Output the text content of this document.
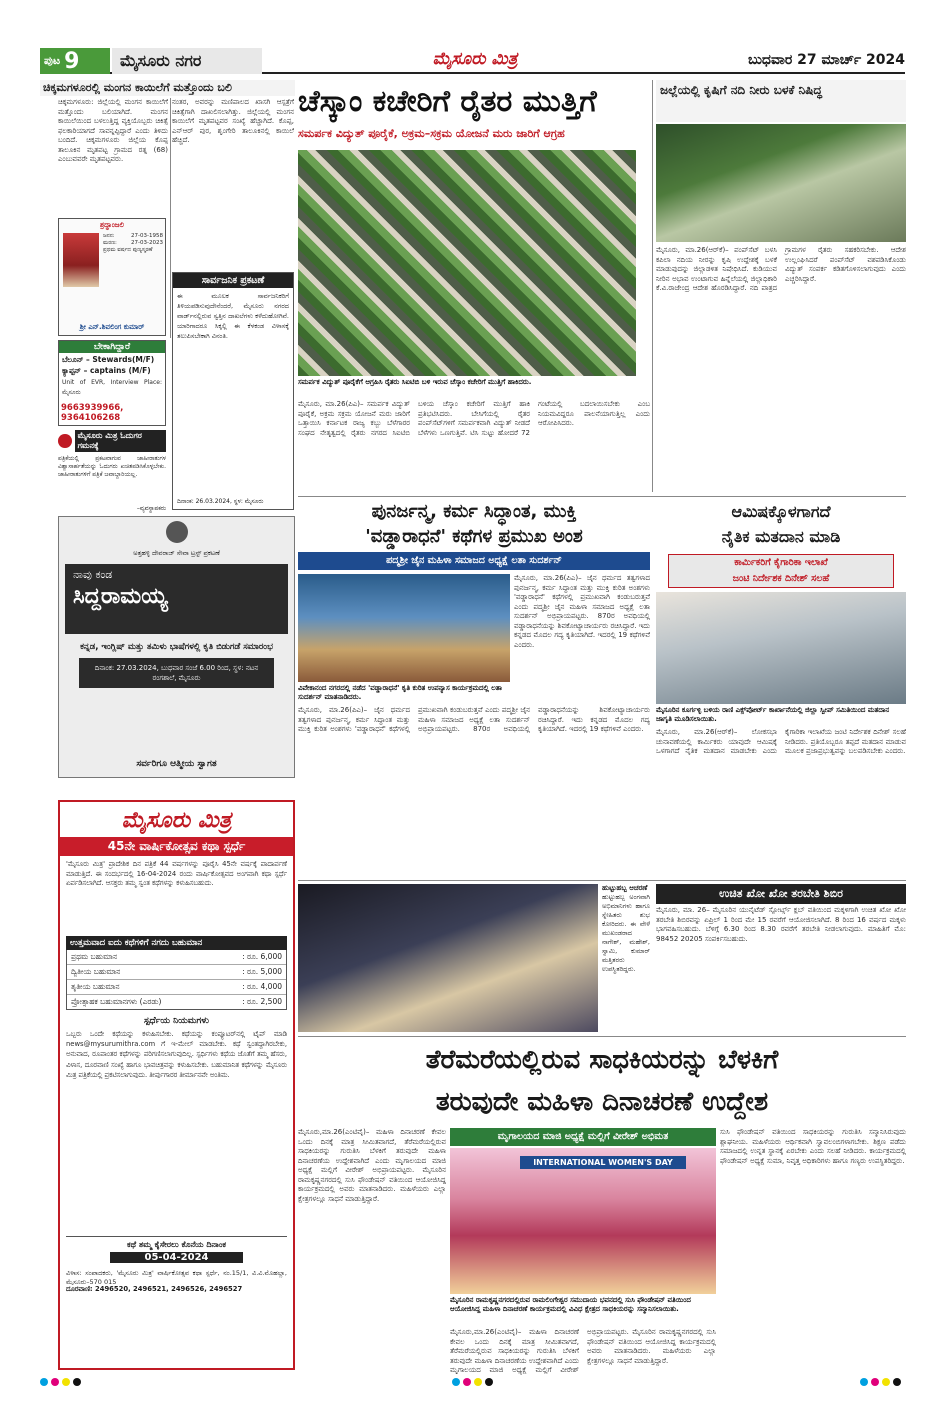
ಪುಟ 9	ಮೈಸೂರು ನಗರ	ಮೈಸೂರು ಮಿತ್ರ	ಬುಧವಾರ 27 ಮಾರ್ಚ್ 2024
ಚಿಕ್ಕಮಗಳೂರಲ್ಲಿ ಮಂಗನ ಕಾಯಿಲೆಗೆ ಮತ್ತೊಂದು ಬಲಿ
ಚಿಕ್ಕಮಗಳೂರು: ಜಿಲ್ಲೆಯಲ್ಲಿ ಮಂಗನ ಕಾಯಿಲೆಗೆ ಮತ್ತೊಂದು ಬಲಿಯಾಗಿದೆ. ಮಂಗನ ಕಾಯಿಲೆಯಿಂದ ಬಳಲುತ್ತಿದ್ದ ವ್ಯಕ್ತಿಯೊಬ್ಬರು ಚಿಕಿತ್ಸೆ ಫಲಕಾರಿಯಾಗದೆ ಸಾವನ್ನಪ್ಪಿದ್ದಾರೆ ಎಂದು ತಿಳಿದು ಬಂದಿದೆ. ಚಿಕ್ಕಮಗಳೂರು ಜಿಲ್ಲೆಯ ಕೊಪ್ಪ ತಾಲೂಕಿನ ಮೃತಪಟ್ಟ ಗ್ರಾಮದ ರತ್ನ (68) ಎಂಬುವವರೇ ಮೃತಪಟ್ಟವರು.
ನಂತರ, ಅವರನ್ನು ಮಣಿಪಾಲದ ಖಾಸಗಿ ಆಸ್ಪತ್ರೆಗೆ ಚಿಕಿತ್ಸೆಗಾಗಿ ದಾಖಲಿಸಲಾಗಿತ್ತು. ಜಿಲ್ಲೆಯಲ್ಲಿ ಮಂಗನ ಕಾಯಿಲೆಗೆ ಮೃತಪಟ್ಟವರ ಸಂಖ್ಯೆ ಹೆಚ್ಚಾಗಿದೆ. ಕೊಪ್ಪ, ಎನ್‌ಆರ್ ಪುರ, ಶೃಂಗೇರಿ ತಾಲೂಕಿನಲ್ಲಿ ಕಾಯಿಲೆ ಹೆಚ್ಚಿದೆ.
ಶ್ರದ್ಧಾಂಜಲಿ
ಜನನ: 27-03-1958 ಮರಣ: 27-03-2023 ಪ್ರಥಮ ವರ್ಷದ ಪುಣ್ಯಸ್ಮರಣೆ
ಶ್ರೀ ಎನ್.ಶಿವಲಿಂಗ ಕುಮಾರ್
ಬೇಕಾಗಿದ್ದಾರೆ
ಬೆಲೂನ್ – Stewards(M/F)
ಕ್ಯಾಪ್ಟನ್ – captains (M/F)
Unit of EVR, Interview Place: ಮೈಸೂರು
9663939966, 9364106268
ಮೈಸೂರು ಮಿತ್ರ ಓದುಗರ ಗಮನಕ್ಕೆ
ಪತ್ರಿಕೆಯಲ್ಲಿ ಪ್ರಕಟವಾಗುವ ಜಾಹೀರಾತುಗಳ ವಿಶ್ವಾಸಾರ್ಹತೆಯನ್ನು ಓದುಗರು ಖಚಿತಪಡಿಸಿಕೊಳ್ಳಬೇಕು. ಜಾಹೀರಾತುಗಳಿಗೆ ಪತ್ರಿಕೆ ಜವಾಬ್ದಾರಿಯಲ್ಲ.
–ವ್ಯವಸ್ಥಾಪಕರು
ಸಾರ್ವಜನಿಕ ಪ್ರಕಟಣೆ
ಈ ಮೂಲಕ ಸಾರ್ವಜನಿಕರಿಗೆ ತಿಳಿಯಪಡಿಸುವುದೇನೆಂದರೆ, ಮೈಸೂರು ನಗರದ ವಾರ್ಡ್‌ನಲ್ಲಿರುವ ಸ್ವತ್ತಿನ ದಾಖಲೆಗಳು ಕಳೆದುಹೋಗಿವೆ. ಯಾರಿಗಾದರೂ ಸಿಕ್ಕಲ್ಲಿ ಈ ಕೆಳಕಂಡ ವಿಳಾಸಕ್ಕೆ ತಲುಪಿಸಬೇಕಾಗಿ ವಿನಂತಿ.
ದಿನಾಂಕ: 26.03.2024, ಸ್ಥಳ: ಮೈಸೂರು
ಅತ್ತಹಳ್ಳಿ ದೇವರಾಜ್ ಸೇವಾ ಟ್ರಸ್ಟ್ ಪ್ರಕಟಣೆ
ನಾವು ಕಂಡ
ಸಿದ್ದರಾಮಯ್ಯ
ಕನ್ನಡ, ಇಂಗ್ಲಿಷ್ ಮತ್ತು ತಮಿಳು ಭಾಷೆಗಳಲ್ಲಿ ಕೃತಿ ಬಿಡುಗಡೆ ಸಮಾರಂಭ
ದಿನಾಂಕ: 27.03.2024, ಬುಧವಾರ ಸಂಜೆ 6.00 ರಿಂದ, ಸ್ಥಳ: ನಟನ ರಂಗಶಾಲೆ, ಮೈಸೂರು
ಸರ್ವರಿಗೂ ಆತ್ಮೀಯ ಸ್ವಾಗತ
ಮೈಸೂರು ಮಿತ್ರ
45ನೇ ವಾರ್ಷಿಕೋತ್ಸವ ಕಥಾ ಸ್ಪರ್ಧೆ
'ಮೈಸೂರು ಮಿತ್ರ' ಪ್ರಾದೇಶಿಕ ದಿನ ಪತ್ರಿಕೆ 44 ವರ್ಷಗಳನ್ನು ಪೂರೈಸಿ 45ನೇ ವರ್ಷಕ್ಕೆ ಪಾದಾರ್ಪಣೆ ಮಾಡುತ್ತಿದೆ. ಈ ಸಂದರ್ಭದಲ್ಲಿ 16-04-2024 ರಂದು ವಾರ್ಷಿಕೋತ್ಸವದ ಅಂಗವಾಗಿ ಕಥಾ ಸ್ಪರ್ಧೆ ಏರ್ಪಡಿಸಲಾಗಿದೆ. ಆಸಕ್ತರು ತಮ್ಮ ಸ್ವಂತ ಕಥೆಗಳನ್ನು ಕಳುಹಿಸಬಹುದು.
ಉತ್ತಮವಾದ ಐದು ಕಥೆಗಳಿಗೆ ನಗದು ಬಹುಮಾನ
ಪ್ರಥಮ ಬಹುಮಾನ	: ರೂ. 6,000
ದ್ವಿತೀಯ ಬಹುಮಾನ	: ರೂ. 5,000
ತೃತೀಯ ಬಹುಮಾನ	: ರೂ. 4,000
ಪ್ರೋತ್ಸಾಹಕ ಬಹುಮಾನಗಳು (ಎರಡು)	: ರೂ. 2,500
ಸ್ಪರ್ಧೆಯ ನಿಯಮಗಳು
ಒಬ್ಬರು ಒಂದೇ ಕಥೆಯನ್ನು ಕಳುಹಿಸಬೇಕು. ಕಥೆಯನ್ನು ಕಂಪ್ಯೂಟರ್‌ನಲ್ಲಿ ಟೈಪ್ ಮಾಡಿ news@mysurumithra.com ಗೆ ಇ-ಮೇಲ್ ಮಾಡಬೇಕು. ಕಥೆ ಸ್ವಂತದ್ದಾಗಿರಬೇಕು, ಅನುವಾದ, ರೂಪಾಂತರ ಕಥೆಗಳನ್ನು ಪರಿಗಣಿಸಲಾಗುವುದಿಲ್ಲ. ಸ್ಪರ್ಧಿಗಳು ಕಥೆಯ ಜೊತೆಗೆ ತಮ್ಮ ಹೆಸರು, ವಿಳಾಸ, ದೂರವಾಣಿ ಸಂಖ್ಯೆ ಹಾಗೂ ಭಾವಚಿತ್ರವನ್ನು ಕಳುಹಿಸಬೇಕು. ಬಹುಮಾನಿತ ಕಥೆಗಳನ್ನು ಮೈಸೂರು ಮಿತ್ರ ಪತ್ರಿಕೆಯಲ್ಲಿ ಪ್ರಕಟಿಸಲಾಗುವುದು. ತೀರ್ಪುಗಾರರ ತೀರ್ಮಾನವೇ ಅಂತಿಮ.
ಕಥೆ ತಮ್ಮ ಕೈಸೇರಲು ಕೊನೆಯ ದಿನಾಂಕ
05-04-2024
ವಿಳಾಸ: ಸಂಪಾದಕರು, 'ಮೈಸೂರು ಮಿತ್ರ' ವಾರ್ಷಿಕೋತ್ಸವ ಕಥಾ ಸ್ಪರ್ಧೆ, ನಂ.15/1, ವಿ.ವಿ.ಮೊಹಲ್ಲಾ, ಮೈಸೂರು–570 015
ದೂರವಾಣಿ: 2496520, 2496521, 2496526, 2496527
ಚೆಸ್ಕಾಂ ಕಚೇರಿಗೆ ರೈತರ ಮುತ್ತಿಗೆ
ಸಮರ್ಪಕ ವಿದ್ಯುತ್ ಪೂರೈಕೆ, ಅಕ್ರಮ–ಸಕ್ರಮ ಯೋಜನೆ ಮರು ಜಾರಿಗೆ ಆಗ್ರಹ
ಸಮರ್ಪಕ ವಿದ್ಯುತ್ ಪೂರೈಕೆಗೆ ಆಗ್ರಹಿಸಿ ರೈತರು ಸಿಐಟಿಬಿ ಬಳಿ ಇರುವ ಚೆಸ್ಕಾಂ ಕಚೇರಿಗೆ ಮುತ್ತಿಗೆ ಹಾಕಿದರು.
ಮೈಸೂರು, ಮಾ.26(ಪಿಎ)– ಸಮರ್ಪಕ ವಿದ್ಯುತ್ ಪೂರೈಕೆ, ಅಕ್ರಮ ಸಕ್ರಮ ಯೋಜನೆ ಮರು ಜಾರಿಗೆ ಒತ್ತಾಯಿಸಿ ಕರ್ನಾಟಕ ರಾಜ್ಯ ಕಬ್ಬು ಬೆಳೆಗಾರರ ಸಂಘದ ನೇತೃತ್ವದಲ್ಲಿ ರೈತರು ನಗರದ ಸಿಐಟಿಬಿ ಬಳಿಯ ಚೆಸ್ಕಾಂ ಕಚೇರಿಗೆ ಮುತ್ತಿಗೆ ಹಾಕಿ ಪ್ರತಿಭಟಿಸಿದರು. ಬೇಸಿಗೆಯಲ್ಲಿ ರೈತರ ಪಂಪ್‌ಸೆಟ್‌ಗಳಿಗೆ ಸಮರ್ಪಕವಾಗಿ ವಿದ್ಯುತ್ ನೀಡದೆ ಬೆಳೆಗಳು ಒಣಗುತ್ತಿವೆ. ಟಿಸಿ ಸುಟ್ಟು ಹೋದರೆ 72 ಗಂಟೆಯಲ್ಲಿ ಬದಲಾಯಿಸಬೇಕು ಎಂಬ ನಿಯಮವಿದ್ದರೂ ಪಾಲನೆಯಾಗುತ್ತಿಲ್ಲ ಎಂದು ಆರೋಪಿಸಿದರು.
ಜಲ್ಲೆಯಲ್ಲಿ ಕೃಷಿಗೆ ನದಿ ನೀರು ಬಳಕೆ ನಿಷಿದ್ಧ
ಮೈಸೂರು, ಮಾ.26(ಆರ್‌ಕೆ)– ಪಂಪ್‌ಸೆಟ್ ಬಳಸಿ ಕಪಿಲಾ ನದಿಯ ನೀರನ್ನು ಕೃಷಿ ಉದ್ದೇಶಕ್ಕೆ ಬಳಕೆ ಮಾಡುವುದನ್ನು ಜಿಲ್ಲಾಡಳಿತ ನಿಷೇಧಿಸಿದೆ. ಕುಡಿಯುವ ನೀರಿನ ಅಭಾವ ಉಂಟಾಗುವ ಹಿನ್ನೆಲೆಯಲ್ಲಿ ಜಿಲ್ಲಾಧಿಕಾರಿ ಕೆ.ವಿ.ರಾಜೇಂದ್ರ ಆದೇಶ ಹೊರಡಿಸಿದ್ದಾರೆ. ನದಿ ಪಾತ್ರದ ಗ್ರಾಮಗಳ ರೈತರು ಸಹಕರಿಸಬೇಕು. ಆದೇಶ ಉಲ್ಲಂಘಿಸಿದರೆ ಪಂಪ್‌ಸೆಟ್ ವಶಪಡಿಸಿಕೊಂಡು ವಿದ್ಯುತ್ ಸಂಪರ್ಕ ಕಡಿತಗೊಳಿಸಲಾಗುವುದು ಎಂದು ಎಚ್ಚರಿಸಿದ್ದಾರೆ.
ಪುನರ್ಜನ್ಮ, ಕರ್ಮ ಸಿದ್ಧಾಂತ, ಮುಕ್ತಿ
'ವಡ್ಡಾರಾಧನೆ' ಕಥೆಗಳ ಪ್ರಮುಖ ಅಂಶ
ಪದ್ಮಶ್ರೀ ಜೈನ ಮಹಿಳಾ ಸಮಾಜದ ಅಧ್ಯಕ್ಷೆ ಲತಾ ಸುದರ್ಶನ್
ವಿವೇಕಾನಂದ ನಗರದಲ್ಲಿ ನಡೆದ 'ವಡ್ಡಾರಾಧನೆ' ಕೃತಿ ಕುರಿತ ಉಪನ್ಯಾಸ ಕಾರ್ಯಕ್ರಮದಲ್ಲಿ ಲತಾ ಸುದರ್ಶನ್ ಮಾತನಾಡಿದರು.
ಮೈಸೂರು, ಮಾ.26(ಪಿಎ)– ಜೈನ ಧರ್ಮದ ತತ್ವಗಳಾದ ಪುನರ್ಜನ್ಮ, ಕರ್ಮ ಸಿದ್ಧಾಂತ ಮತ್ತು ಮುಕ್ತಿ ಕುರಿತ ಅಂಶಗಳು 'ವಡ್ಡಾರಾಧನೆ' ಕಥೆಗಳಲ್ಲಿ ಪ್ರಮುಖವಾಗಿ ಕಂಡುಬರುತ್ತವೆ ಎಂದು ಪದ್ಮಶ್ರೀ ಜೈನ ಮಹಿಳಾ ಸಮಾಜದ ಅಧ್ಯಕ್ಷೆ ಲತಾ ಸುದರ್ಶನ್ ಅಭಿಪ್ರಾಯಪಟ್ಟರು. 870ರ ಅವಧಿಯಲ್ಲಿ ವಡ್ಡಾರಾಧನೆಯನ್ನು ಶಿವಕೋಟ್ಯಾಚಾರ್ಯರು ರಚಿಸಿದ್ದಾರೆ. ಇದು ಕನ್ನಡದ ಮೊದಲ ಗದ್ಯ ಕೃತಿಯಾಗಿದೆ. ಇದರಲ್ಲಿ 19 ಕಥೆಗಳಿವೆ ಎಂದರು.
ಮೈಸೂರು, ಮಾ.26(ಪಿಎ)– ಜೈನ ಧರ್ಮದ ತತ್ವಗಳಾದ ಪುನರ್ಜನ್ಮ, ಕರ್ಮ ಸಿದ್ಧಾಂತ ಮತ್ತು ಮುಕ್ತಿ ಕುರಿತ ಅಂಶಗಳು 'ವಡ್ಡಾರಾಧನೆ' ಕಥೆಗಳಲ್ಲಿ ಪ್ರಮುಖವಾಗಿ ಕಂಡುಬರುತ್ತವೆ ಎಂದು ಪದ್ಮಶ್ರೀ ಜೈನ ಮಹಿಳಾ ಸಮಾಜದ ಅಧ್ಯಕ್ಷೆ ಲತಾ ಸುದರ್ಶನ್ ಅಭಿಪ್ರಾಯಪಟ್ಟರು. 870ರ ಅವಧಿಯಲ್ಲಿ ವಡ್ಡಾರಾಧನೆಯನ್ನು ಶಿವಕೋಟ್ಯಾಚಾರ್ಯರು ರಚಿಸಿದ್ದಾರೆ. ಇದು ಕನ್ನಡದ ಮೊದಲ ಗದ್ಯ ಕೃತಿಯಾಗಿದೆ. ಇದರಲ್ಲಿ 19 ಕಥೆಗಳಿವೆ ಎಂದರು.
ಆಮಿಷಕ್ಕೊಳಗಾಗದೆ
ನೈತಿಕ ಮತದಾನ ಮಾಡಿ
ಕಾರ್ಮಿಕರಿಗೆ ಕೈಗಾರಿಕಾ ಇಲಾಖೆ
ಜಂಟಿ ನಿರ್ದೇಶಕ ದಿನೇಶ್ ಸಲಹೆ
ಮೈಸೂರಿನ ಕೂರ್ಗಳ್ಳಿ ಬಳಿಯ ರಾಣಿ ಎಕ್ಸ್‌ಪೋರ್ಟ್ ಕಾರ್ಖಾನೆಯಲ್ಲಿ ಜಿಲ್ಲಾ ಸ್ವೀಪ್ ಸಮಿತಿಯಿಂದ ಮತದಾನ ಜಾಗೃತಿ ಮೂಡಿಸಲಾಯಿತು.
ಮೈಸೂರು, ಮಾ.26(ಆರ್‌ಕೆ)– ಲೋಕಸಭಾ ಚುನಾವಣೆಯಲ್ಲಿ ಕಾರ್ಮಿಕರು ಯಾವುದೇ ಆಮಿಷಕ್ಕೆ ಒಳಗಾಗದೆ ನೈತಿಕ ಮತದಾನ ಮಾಡಬೇಕು ಎಂದು ಕೈಗಾರಿಕಾ ಇಲಾಖೆಯ ಜಂಟಿ ನಿರ್ದೇಶಕ ದಿನೇಶ್ ಸಲಹೆ ನೀಡಿದರು. ಪ್ರತಿಯೊಬ್ಬರೂ ತಪ್ಪದೆ ಮತದಾನ ಮಾಡುವ ಮೂಲಕ ಪ್ರಜಾಪ್ರಭುತ್ವವನ್ನು ಬಲಪಡಿಸಬೇಕು ಎಂದರು.
ಹುಟ್ಟುಹಬ್ಬ ಆಚರಣೆ
ಹುಟ್ಟುಹಬ್ಬ ಅಂಗವಾಗಿ ಅಭಿಮಾನಿಗಳು ಹಾಗೂ ಸ್ನೇಹಿತರು ಶುಭ ಕೋರಿದರು. ಈ ವೇಳೆ ಮುಖಂಡರಾದ ನಾಗೇಶ್, ಮಹೇಶ್, ಸ್ವಾಮಿ, ಕುಮಾರ್ ಮತ್ತಿತರರು ಉಪಸ್ಥಿತರಿದ್ದರು.
ಉಚಿತ ಖೋ ಖೋ ತರಬೇತಿ ಶಿಬಿರ
ಮೈಸೂರು, ಮಾ. 26– ಮೈಸೂರಿನ ಯುನೈಟೆಡ್ ಸ್ಪೋರ್ಟ್ಸ್ ಕ್ಲಬ್ ವತಿಯಿಂದ ಮಕ್ಕಳಿಗಾಗಿ ಉಚಿತ ಖೋ ಖೋ ತರಬೇತಿ ಶಿಬಿರವನ್ನು ಏಪ್ರಿಲ್ 1 ರಿಂದ ಮೇ 15 ರವರೆಗೆ ಆಯೋಜಿಸಲಾಗಿದೆ. 8 ರಿಂದ 16 ವರ್ಷದ ಮಕ್ಕಳು ಭಾಗವಹಿಸಬಹುದು. ಬೆಳಿಗ್ಗೆ 6.30 ರಿಂದ 8.30 ರವರೆಗೆ ತರಬೇತಿ ನೀಡಲಾಗುವುದು. ಮಾಹಿತಿಗೆ ಮೊ: 98452 20205 ಸಂಪರ್ಕಿಸಬಹುದು.
ತೆರೆಮರೆಯಲ್ಲಿರುವ ಸಾಧಕಿಯರನ್ನು ಬೆಳಕಿಗೆ
ತರುವುದೇ ಮಹಿಳಾ ದಿನಾಚರಣೆ ಉದ್ದೇಶ
ಮೈಸೂರು,ಮಾ.26(ಎಂಟಿವೈ)– ಮಹಿಳಾ ದಿನಾಚರಣೆ ಕೇವಲ ಒಂದು ದಿನಕ್ಕೆ ಮಾತ್ರ ಸೀಮಿತವಾಗದೆ, ತೆರೆಮರೆಯಲ್ಲಿರುವ ಸಾಧಕಿಯರನ್ನು ಗುರುತಿಸಿ ಬೆಳಕಿಗೆ ತರುವುದೇ ಮಹಿಳಾ ದಿನಾಚರಣೆಯ ಉದ್ದೇಶವಾಗಿದೆ ಎಂದು ಮೃಗಾಲಯದ ಮಾಜಿ ಅಧ್ಯಕ್ಷೆ ಮಲ್ಲಿಗೆ ವೀರೇಶ್ ಅಭಿಪ್ರಾಯಪಟ್ಟರು. ಮೈಸೂರಿನ ರಾಮಕೃಷ್ಣನಗರದಲ್ಲಿ ಸುಸಿ ಫೌಂಡೇಷನ್ ವತಿಯಿಂದ ಆಯೋಜಿಸಿದ್ದ ಕಾರ್ಯಕ್ರಮದಲ್ಲಿ ಅವರು ಮಾತನಾಡಿದರು. ಮಹಿಳೆಯರು ಎಲ್ಲಾ ಕ್ಷೇತ್ರಗಳಲ್ಲೂ ಸಾಧನೆ ಮಾಡುತ್ತಿದ್ದಾರೆ.
ಮೃಗಾಲಯದ ಮಾಜಿ ಅಧ್ಯಕ್ಷೆ ಮಲ್ಲಿಗೆ ವೀರೇಶ್ ಅಭಿಮತ
INTERNATIONAL WOMEN'S DAY
ಮೈಸೂರಿನ ರಾಮಕೃಷ್ಣನಗರದಲ್ಲಿರುವ ರಾಮಲಿಂಗೇಶ್ವರ ಸಮುದಾಯ ಭವನದಲ್ಲಿ ಸುಸಿ ಫೌಂಡೇಷನ್ ವತಿಯಿಂದ ಆಯೋಜಿಸಿದ್ದ ಮಹಿಳಾ ದಿನಾಚರಣೆ ಕಾರ್ಯಕ್ರಮದಲ್ಲಿ ವಿವಿಧ ಕ್ಷೇತ್ರದ ಸಾಧಕಿಯರನ್ನು ಸನ್ಮಾನಿಸಲಾಯಿತು.
ಮೈಸೂರು,ಮಾ.26(ಎಂಟಿವೈ)– ಮಹಿಳಾ ದಿನಾಚರಣೆ ಕೇವಲ ಒಂದು ದಿನಕ್ಕೆ ಮಾತ್ರ ಸೀಮಿತವಾಗದೆ, ತೆರೆಮರೆಯಲ್ಲಿರುವ ಸಾಧಕಿಯರನ್ನು ಗುರುತಿಸಿ ಬೆಳಕಿಗೆ ತರುವುದೇ ಮಹಿಳಾ ದಿನಾಚರಣೆಯ ಉದ್ದೇಶವಾಗಿದೆ ಎಂದು ಮೃಗಾಲಯದ ಮಾಜಿ ಅಧ್ಯಕ್ಷೆ ಮಲ್ಲಿಗೆ ವೀರೇಶ್ ಅಭಿಪ್ರಾಯಪಟ್ಟರು. ಮೈಸೂರಿನ ರಾಮಕೃಷ್ಣನಗರದಲ್ಲಿ ಸುಸಿ ಫೌಂಡೇಷನ್ ವತಿಯಿಂದ ಆಯೋಜಿಸಿದ್ದ ಕಾರ್ಯಕ್ರಮದಲ್ಲಿ ಅವರು ಮಾತನಾಡಿದರು. ಮಹಿಳೆಯರು ಎಲ್ಲಾ ಕ್ಷೇತ್ರಗಳಲ್ಲೂ ಸಾಧನೆ ಮಾಡುತ್ತಿದ್ದಾರೆ.
ಸುಸಿ ಫೌಂಡೇಷನ್ ವತಿಯಿಂದ ಸಾಧಕಿಯರನ್ನು ಗುರುತಿಸಿ ಸನ್ಮಾನಿಸಿರುವುದು ಶ್ಲಾಘನೀಯ. ಮಹಿಳೆಯರು ಆರ್ಥಿಕವಾಗಿ ಸ್ವಾವಲಂಬಿಗಳಾಗಬೇಕು. ಶಿಕ್ಷಣ ಪಡೆದು ಸಮಾಜದಲ್ಲಿ ಉನ್ನತ ಸ್ಥಾನಕ್ಕೆ ಏರಬೇಕು ಎಂದು ಸಲಹೆ ನೀಡಿದರು. ಕಾರ್ಯಕ್ರಮದಲ್ಲಿ ಫೌಂಡೇಷನ್ ಅಧ್ಯಕ್ಷೆ ಸುಮಾ, ನಿವೃತ್ತ ಅಧಿಕಾರಿಗಳು ಹಾಗೂ ಗಣ್ಯರು ಉಪಸ್ಥಿತರಿದ್ದರು.
